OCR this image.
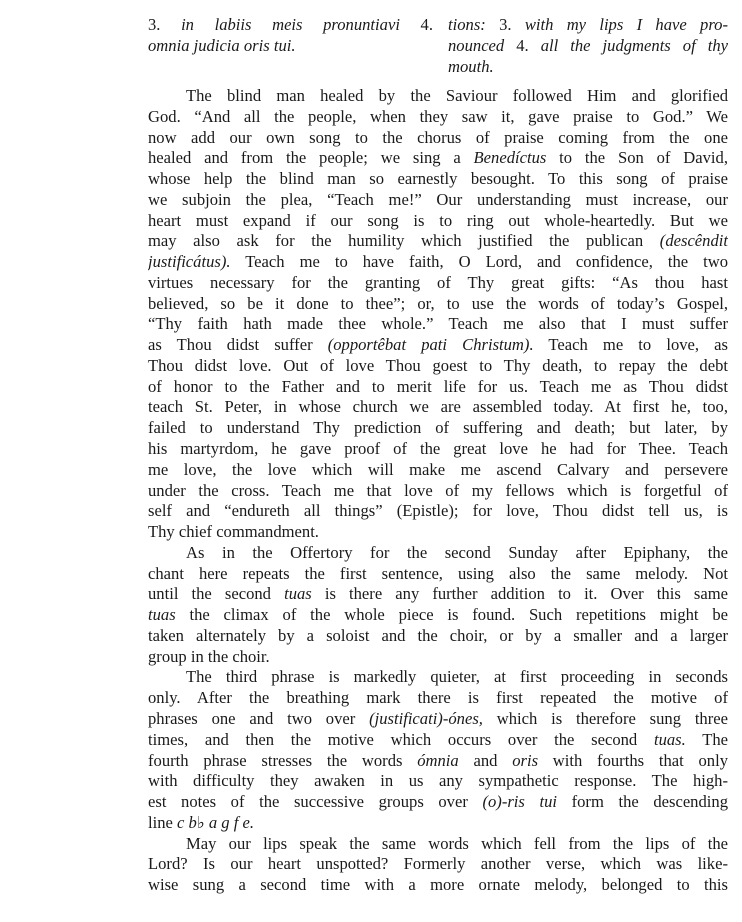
3. in labiis meis pronuntiavi 4.
omnia judicia oris tui.
tions: 3. with my lips I have pro-
nounced 4. all the judgments of thy
mouth.
The blind man healed by the Saviour followed Him and glorified
God. “And all the people, when they saw it, gave praise to God.” We
now add our own song to the chorus of praise coming from the one
healed and from the people; we sing a Benedíctus to the Son of David,
whose help the blind man so earnestly besought. To this song of praise
we subjoin the plea, “Teach me!” Our understanding must increase, our
heart must expand if our song is to ring out whole-heartedly. But we
may also ask for the humility which justified the publican (descêndit
justificátus). Teach me to have faith, O Lord, and confidence, the two
virtues necessary for the granting of Thy great gifts: “As thou hast
believed, so be it done to thee”; or, to use the words of today’s Gospel,
“Thy faith hath made thee whole.” Teach me also that I must suffer
as Thou didst suffer (opportêbat pati Christum). Teach me to love, as
Thou didst love. Out of love Thou goest to Thy death, to repay the debt
of honor to the Father and to merit life for us. Teach me as Thou didst
teach St. Peter, in whose church we are assembled today. At first he, too,
failed to understand Thy prediction of suffering and death; but later, by
his martyrdom, he gave proof of the great love he had for Thee. Teach
me love, the love which will make me ascend Calvary and persevere
under the cross. Teach me that love of my fellows which is forgetful of
self and “endureth all things” (Epistle); for love, Thou didst tell us, is
Thy chief commandment.
As in the Offertory for the second Sunday after Epiphany, the
chant here repeats the first sentence, using also the same melody. Not
until the second tuas is there any further addition to it. Over this same
tuas the climax of the whole piece is found. Such repetitions might be
taken alternately by a soloist and the choir, or by a smaller and a larger
group in the choir.
The third phrase is markedly quieter, at first proceeding in seconds
only. After the breathing mark there is first repeated the motive of
phrases one and two over (justificati)-ónes, which is therefore sung three
times, and then the motive which occurs over the second tuas. The
fourth phrase stresses the words ómnia and oris with fourths that only
with difficulty they awaken in us any sympathetic response. The high-
est notes of the successive groups over (o)-ris tui form the descending
line c b♭ a g f e.
May our lips speak the same words which fell from the lips of the
Lord? Is our heart unspotted? Formerly another verse, which was like-
wise sung a second time with a more ornate melody, belonged to this
